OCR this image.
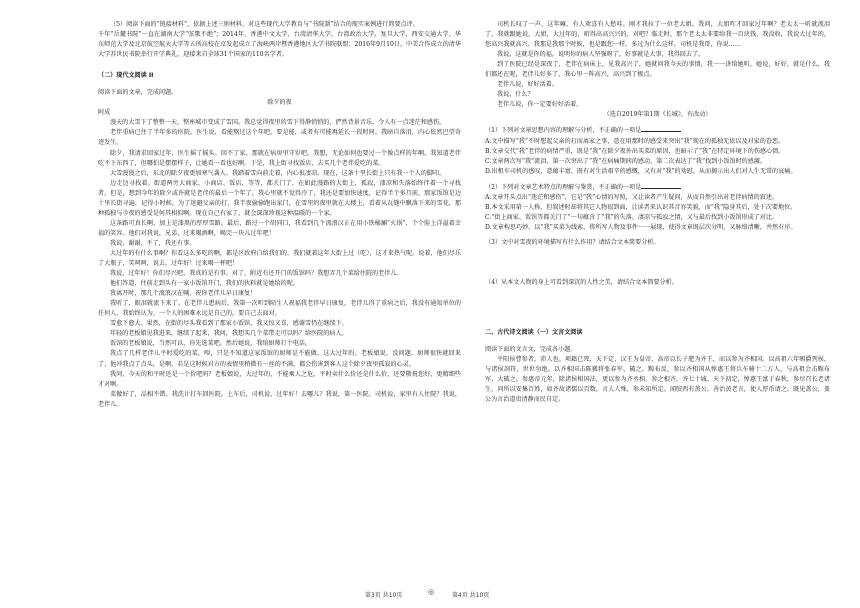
（5）阅读下面的“链接材料”，依据上述三则材料，对这些现代大学教育与“书院制”结合的现实案例进行简要点评。

千年“岳麓书院”一直在湖南大学“弦歌不绝”；2014年，香港中文大学、台湾清华大学、台湾政治大学、复旦大学、西安交通大学、华东师范大学及北京航空航天大学等五所高校在京发起成立了海峡两岸暨香港地区大学书院联盟；2016年9月10日，中美合作成立的清华大学苏世民书院举行开学典礼，迎接来自全球31个国家的110名学者。

（二）现代文阅读 II

阅读下面的文章，完成问题。

除夕的夜

阿成

漫天的大雪下了整整一天，整座城市变成了雪国。我总觉得夜里的雪下得静悄悄的，俨然背景音乐，令人有一点迷茫和感伤。

老伴重病已住了半年多的医院。医生说，看能熬过这个年吧。要是能，或者有可能再延长一段时间。我暗自落泪，内心依然巴望奇迹发生。

除夕，我请求回家过年，医生摇了摇头。回不了家，那就在病房里守岁吧。我想，无论如何也要过一个像点样的年啊。我知道老伴吃不下东西了，但哪怕是摆摆样子，让她看一看也好啊。于是，我上街寻找饭店，去买几个老伴爱吃的菜。

大雪漫漫之后，东北的除夕夜更加寒气袭人。我踏着雪向前走着，内心很凄凉。现在，这条十里长街上只有我一个人的脚印。

边走边寻找着。街道两旁大商家、小商店、饭店，等等，都关门了，在如此漫路的大街上，孤寂、漆凉和失落始终伴着一个寻找者，但是，想到今年的除夕或许就是老伴的最后一个年了，我心里就不觉得冷了，我还是要加快速度，记得半个多月前，那家饭馆是边十里长街寻遍，记得小时候，为了迷避父亲的打，我半夜偷偷跑出家门，在雪里的夜里就在大楼上，看着从瓦缝中飘落下来的雪花，那种孤独与今夜的感受是何其相似啊。现在自己有家了，就会深深珍视这种温暖的一个家。

这条路可真长啊，加上是漆黑的厚厚雪路。最后，路过一个胡同口，我看到几个流浪汉正在用小铁桶涮“火锅”，个个脸上洋溢着幸福的笑容。他们对我说，兄弟，过来喝酒啊，喝完一块儿过年吧！

我说，谢谢，不了，我还有事。

大过年的有什么事啊？你看这么多吃的啊，都是区政府白给我们的，我们就着这年大街上过（吃），这才来热气呢。说着，他们尽乐了大瓶子，笑呵呵，说去，过年好！过来喝一杯吧！

我说，过年好！你们尽兴吧，我真的是有事。对了，附近有还开门的饭馆吗？我想弄几个菜给住院的老伴儿。

他们答道，往前走到头有一家小饭馆开门，我们的伙料就是她给的呢。

我离开时，那几个流浪汉在喊，祝你老伴儿早日康复！

我听了，眼泪就流下来了。在老伴儿患病后，我第一次听到陌生人祝福我老伴早日康复，老伴儿得了重病之后，我没有通知单位的任何人，我始终认为，一个人的困难永远是自己的，要自己去面对。

雪愈下愈大。果然，在街的尽头我看到了那家小饭馆，我又惊又喜，感谢雪仍在继续下。

年轻的老板娘见我进来，继续了起来，我问，我想买几个菜带走可以吗？给医院的病人。

饭馆的老板娘说，当然可以，你先选菜吧。然后她说，我给厨师打个电话。

我点了几样老伴儿平时爱吃的菜，嗅，只是不知道这家饭馆的厨师是不能做，这大过年的。老板娘说，没问题，厨师很快就回来了，他冲我点了点头，是啊，若是这时候对方的表情里稍微有一丝的不满，都会伤害到客人这个除夕夜里孤寂的心灵。

我问，今天的和平时还是一个价吧吗？老板娘说，大过年的，不能乘人之危，平时卖什么价还是什么价，还要敬祝您好，更精细些才对啊。

菜做好了，品相不错。我洗计打车回医院。上车后，司机说，过年好！去哪儿？我说，第一医院。司机说，家里有人住院？我说，老伴儿。

司机长叹了一声，这年嘛，有人欢喜有人愁哇。刚才我拉了一位老大姐。我问，大姐咋才回家过年啊？老太太一听就流泪了，我就跟她说，大姐，大过年的，咱得高高兴兴的，对吧？临走时，那个老太太非要给我一百块钱，我没收，我说大过年的，您高兴我就高兴。我那是我那个时候，也是跟您一样，多过为什么这样，司机是我哥，你说……

我说，这就是你的福，说明你的病人坚强呀了，好事就是大事，我得回去了。

到了医院已经是深夜了，老伴在病床上，见我高兴了，她就问我今天的事情，我一一讲给她听，她说，好好，就是什么，我们都还在呢，老伴儿好多了，我心里一阵高兴，高兴到了极点。

老伴儿说，好好活着。

我说，什么？

老伴儿说，你一定要好好活着。

（选自2019年第1期《长城》，有改动）

（1）下列对文章思想内容的理解与分析，不正确的一项是

A.文中描写“我”不时想起父亲的打而离家之事，意在用那时的感受来突出“我”现在的孤独无依以及对家的眷恋。

B.文章交代“我”老伴的病情严重，既是“我”在除夕夜外出买菜的原因，也暗示了“我”在特定环境下的伤感心情。

C.文章两次写“我”流泪，第一次突出了“我”在病痛期间的感动，第二次表达了“我”找到小饭馆时的感激。

D.出租车司机的感叹，意蕴丰富，既有对生活艰辛的感慨，又有对“我”的劝慰，从而揭示出人们对人生无常的哀痛。

（2）下列对文章艺术特点的理解与鉴赏，不正确的一项是

A.文章开头点出“迷茫和感伤”，它是“我”心情的写照，又让读者产生疑问，从而自然引出对老伴病情的叙述。

B.本文采用第一人称，但叙述时却将其它人物很到面，让读者来认识其音容笑貌，而“我”隐身其后，处于次要地位。

C.“街上商家、饭馆等都关门了”一句蕴含了“我”的失落、凄凉与孤寂之情，又与最后找到小饭馆形成了对比。

D.文章构思巧妙，以“我”买菜为线索，将所写人物及事件一一展现，使得文章既层次分明，又脉络清晰，井然有序。

（3）文中对雪夜的环境描写有什么作用？请结合文本简要分析。

（4）从本文人物的身上可看到深沉的人性之美，请结合文本简要分析。

二、古代诗文阅读（一）文言文阅读

阅读下面的文言文，完成各小题。

平阳侯曹参者，沛人也。项籍已死，天下定，汉王为皇帝，高帝以长子肥为齐王，而以参为齐相国。以高祖六年赐爵列侯，与诸侯剖符，世世勿绝。以齐相国击陈豨将张春军，破之。黥布反，参以齐相国从悼惠王将兵车骑十二万人，与高祖会击黥布军，大破之。参惠帝元年，除诸侯相国法，更以参为齐丞相。参之相齐，齐七十城。天下初定，悼惠王富于春秋，参尽召长老诸生，问所以安集百姓，如齐故诸儒以百数，言人人殊，参未知所定。闻胶西有盖公，善治黄老言，使人厚币请之。既见盖公，盖公为言治道贵清静而民自定。

第3页 共10页	◎	第4页 共10页
